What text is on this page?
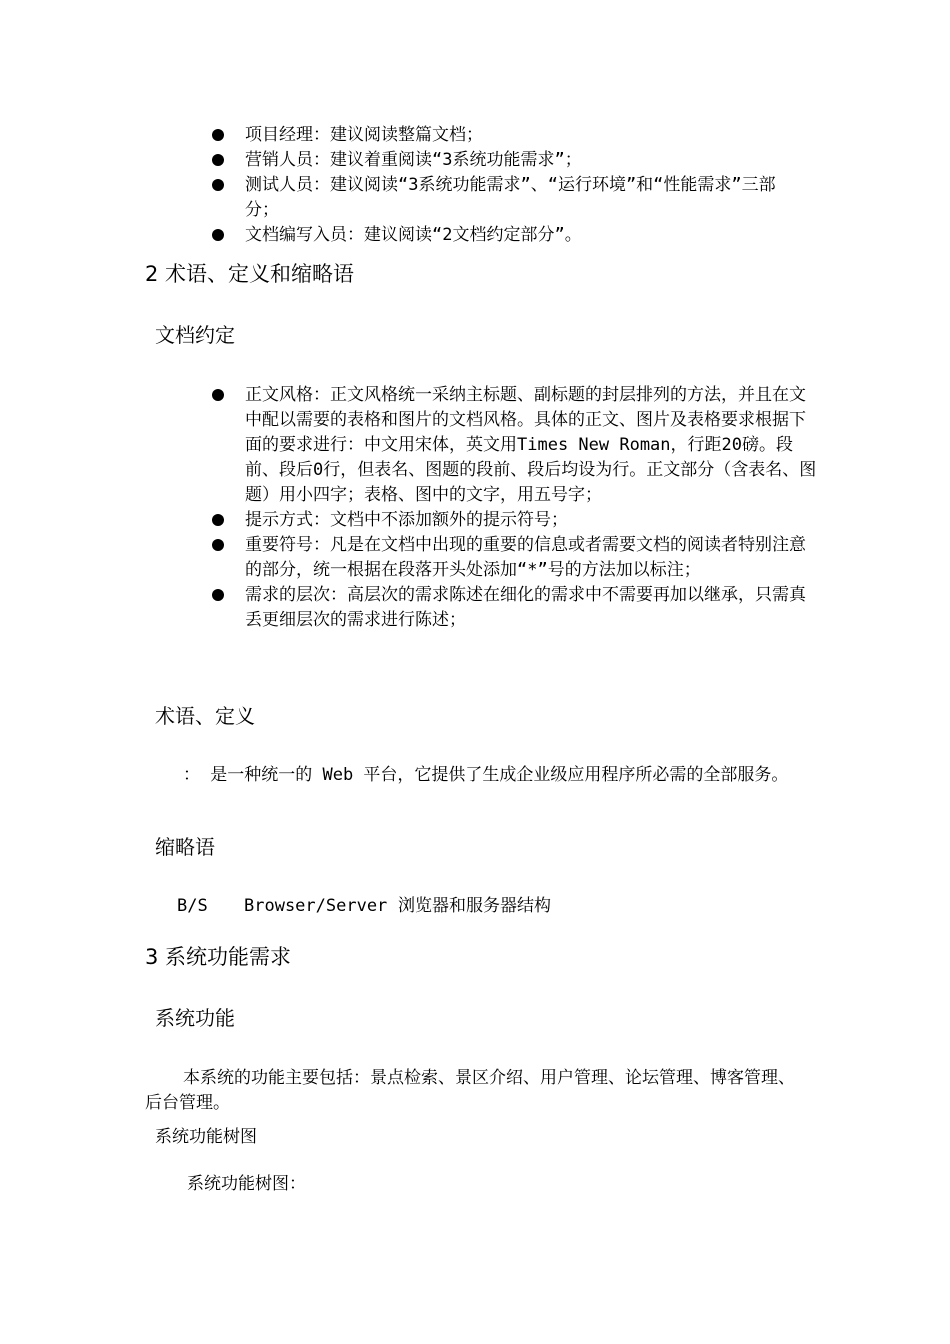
项目经理：建议阅读整篇文档；
营销人员：建议着重阅读“3系统功能需求”；
测试人员：建议阅读“3系统功能需求”、“运行环境”和“性能需求”三部分；
文档编写入员：建议阅读“2文档约定部分”。
2 术语、定义和缩略语
文档约定
正文风格：正文风格统一采纳主标题、副标题的封层排列的方法，并且在文中配以需要的表格和图片的文档风格。具体的正文、图片及表格要求根据下面的要求进行：中文用宋体，英文用Times New Roman，行距20磅。段前、段后0行，但表名、图题的段前、段后均设为行。正文部分（含表名、图题）用小四字；表格、图中的文字，用五号字；
提示方式：文档中不添加额外的提示符号；
重要符号：凡是在文档中出现的重要的信息或者需要文档的阅读者特别注意的部分，统一根据在段落开头处添加“*”号的方法加以标注；
需求的层次：高层次的需求陈述在细化的需求中不需要再加以继承，只需真丢更细层次的需求进行陈述；
术语、定义

： 是一种统一的 Web 平台，它提供了生成企业级应用程序所必需的全部服务。

缩略语
B/S Browser/Server 浏览器和服务器结构
3 系统功能需求
系统功能

本系统的功能主要包括：景点检索、景区介绍、用户管理、论坛管理、博客管理、后台管理。

系统功能树图
系统功能树图：
